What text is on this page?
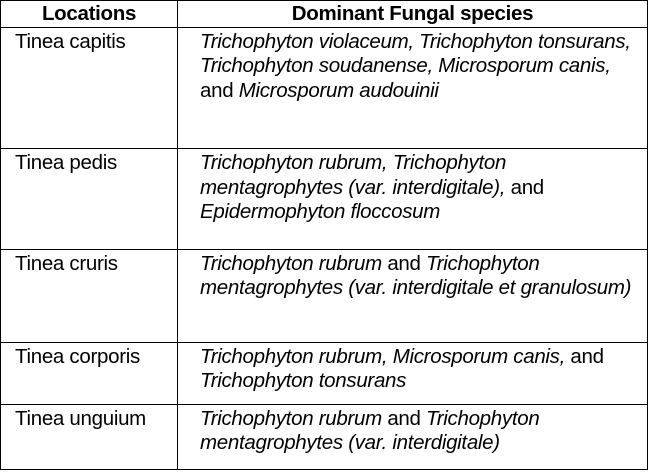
Locations	Dominant Fungal species
Tinea capitis	Trichophyton violaceum, Trichophyton tonsurans, Trichophyton soudanense, Microsporum canis, and Microsporum audouinii
Tinea pedis	Trichophyton rubrum, Trichophyton mentagrophytes (var. interdigitale), and Epidermophyton floccosum
Tinea cruris	Trichophyton rubrum and Trichophyton mentagrophytes (var. interdigitale et granulosum)
Tinea corporis	Trichophyton rubrum, Microsporum canis, and Trichophyton tonsurans
Tinea unguium	Trichophyton rubrum and Trichophyton mentagrophytes (var. interdigitale)
